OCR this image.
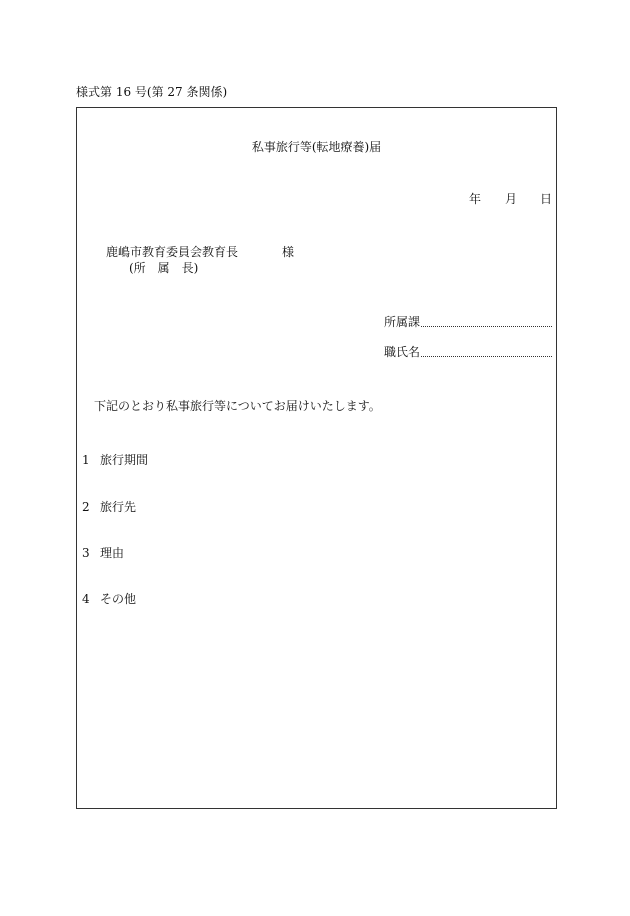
様式第 16 号(第 27 条関係)
私事旅行等(転地療養)届
年 月 日
鹿嶋市教育委員会教育長	様
(所　属　長)
所属課
職氏名
下記のとおり私事旅行等についてお届けいたします。
1 旅行期間
2 旅行先
3 理由
4 その他
